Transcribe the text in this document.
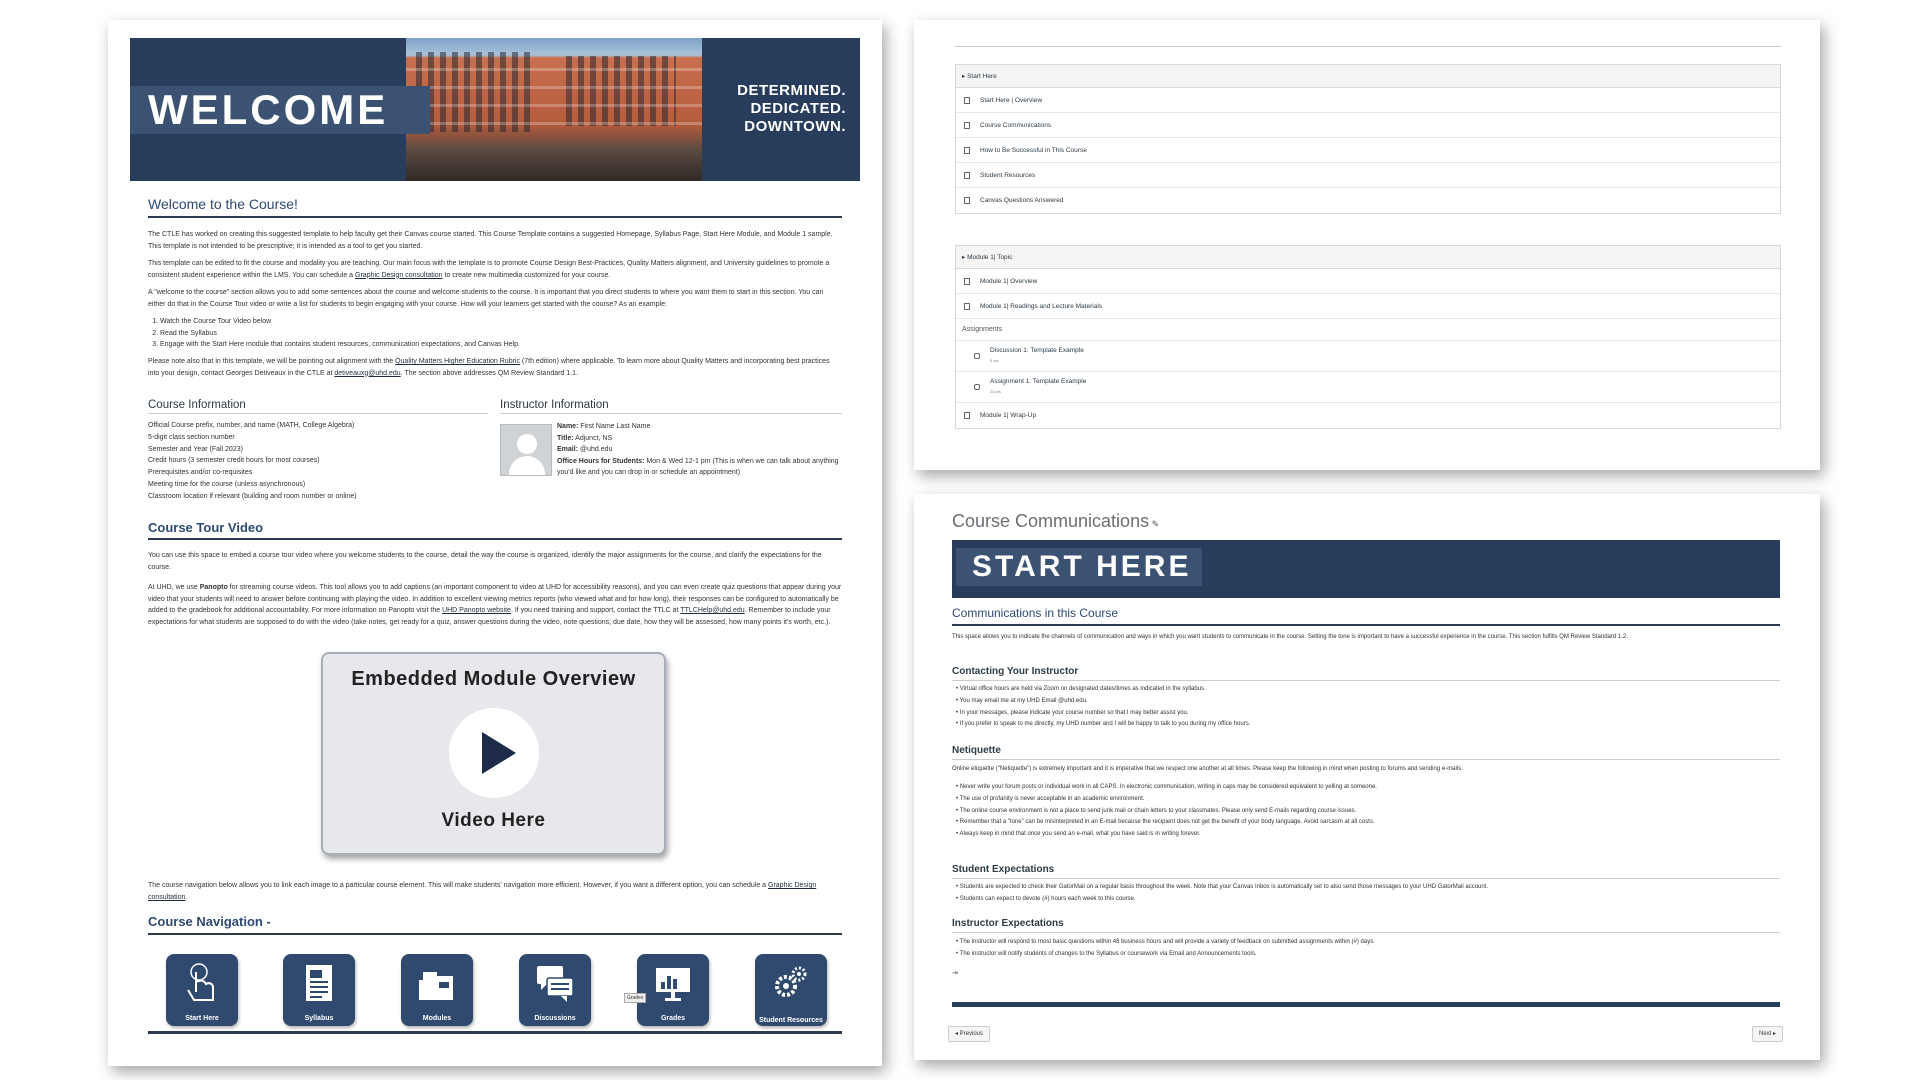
WELCOME	DETERMINED.
DEDICATED.
DOWNTOWN.
Welcome to the Course!
The CTLE has worked on creating this suggested template to help faculty get their Canvas course started. This Course Template contains a suggested Homepage, Syllabus Page, Start Here Module, and Module 1 sample. This template is not intended to be prescriptive; it is intended as a tool to get you started.
This template can be edited to fit the course and modality you are teaching. Our main focus with the template is to promote Course Design Best-Practices, Quality Matters alignment, and University guidelines to promote a consistent student experience within the LMS. You can schedule a Graphic Design consultation to create new multimedia customized for your course.
A "welcome to the course" section allows you to add some sentences about the course and welcome students to the course. It is important that you direct students to where you want them to start in this section. You can either do that in the Course Tour video or write a list for students to begin engaging with your course. How will your learners get started with the course? As an example:
1. Watch the Course Tour Video below
2. Read the Syllabus
3. Engage with the Start Here module that contains student resources, communication expectations, and Canvas Help.
Please note also that in this template, we will be pointing out alignment with the Quality Matters Higher Education Rubric (7th edition) where applicable. To learn more about Quality Matters and incorporating best practices into your design, contact Georges Detiveaux in the CTLE at detiveauxg@uhd.edu. The section above addresses QM Review Standard 1.1.
Course Information
Official Course prefix, number, and name (MATH, College Algebra)
5-digit class section number
Semester and Year (Fall 2023)
Credit hours (3 semester credit hours for most courses)
Prerequisites and/or co-requisites
Meeting time for the course (unless asynchronous)
Classroom location if relevant (building and room number or online)
Instructor Information
Name: First Name Last Name
Title: Adjunct, NS
Email: @uhd.edu
Office Hours for Students: Mon & Wed 12-1 pm (This is when we can talk about anything you'd like and you can drop in or schedule an appointment)
Course Tour Video
You can use this space to embed a course tour video where you welcome students to the course, detail the way the course is organized, identify the major assignments for the course, and clarify the expectations for the course.
At UHD, we use Panopto for streaming course videos. This tool allows you to add captions (an important component to video at UHD for accessibility reasons), and you can even create quiz questions that appear during your video that your students will need to answer before continuing with playing the video. In addition to excellent viewing metrics reports (who viewed what and for how long), their responses can be configured to automatically be added to the gradebook for additional accountability. For more information on Panopto visit the UHD Panopto website. If you need training and support, contact the TTLC at TTLCHelp@uhd.edu. Remember to include your expectations for what students are supposed to do with the video (take notes, get ready for a quiz, answer questions during the video, note questions, due date, how they will be assessed, how many points it's worth, etc.).
Embedded Module Overview
Video Here
The course navigation below allows you to link each image to a particular course element. This will make students' navigation more efficient. However, if you want a different option, you can schedule a Graphic Design consultation.
Course Navigation -
Start Here	Syllabus	Modules	Discussions	Grades
Grades
Student Resources
▸ Start Here
Start Here | Overview
Course Communications
How to Be Successful in This Course
Student Resources
Canvas Questions Answered
▸ Module 1| Topic
Module 1| Overview
Module 1| Readings and Lecture Materials
Assignments
Discussion 1: Template Example
5 pts
Assignment 1: Template Example
25 pts
Module 1| Wrap-Up
Course Communications ✎
START HERE
Communications in this Course
This space allows you to indicate the channels of communication and ways in which you want students to communicate in the course. Setting the tone is important to have a successful experience in the course. This section fulfills QM Review Standard 1.2.
Contacting Your Instructor
• Virtual office hours are held via Zoom on designated dates/times as indicated in the syllabus.
• You may email me at my UHD Email @uhd.edu.
• In your messages, please indicate your course number so that I may better assist you.
• If you prefer to speak to me directly, my UHD number and I will be happy to talk to you during my office hours.
Netiquette
Online etiquette ("Netiquette") is extremely important and it is imperative that we respect one another at all times. Please keep the following in mind when posting to forums and sending e-mails.
• Never write your forum posts or individual work in all CAPS. In electronic communication, writing in caps may be considered equivalent to yelling at someone.
• The use of profanity is never acceptable in an academic environment.
• The online course environment is not a place to send junk mail or chain letters to your classmates. Please only send E-mails regarding course issues.
• Remember that a "tone" can be misinterpreted in an E-mail because the recipient does not get the benefit of your body language. Avoid sarcasm at all costs.
• Always keep in mind that once you send an e-mail, what you have said is in writing forever.
Student Expectations
• Students are expected to check their GatorMail on a regular basis throughout the week. Note that your Canvas Inbox is automatically set to also send those messages to your UHD GatorMail account.
• Students can expect to devote (#) hours each week to this course.
Instructor Expectations
• The instructor will respond to most basic questions within 48 business hours and will provide a variety of feedback on submitted assignments within (#) days.
• The instructor will notify students of changes to the Syllabus or coursework via Email and Announcements tools.
⇥
◂ Previous	Next ▸
